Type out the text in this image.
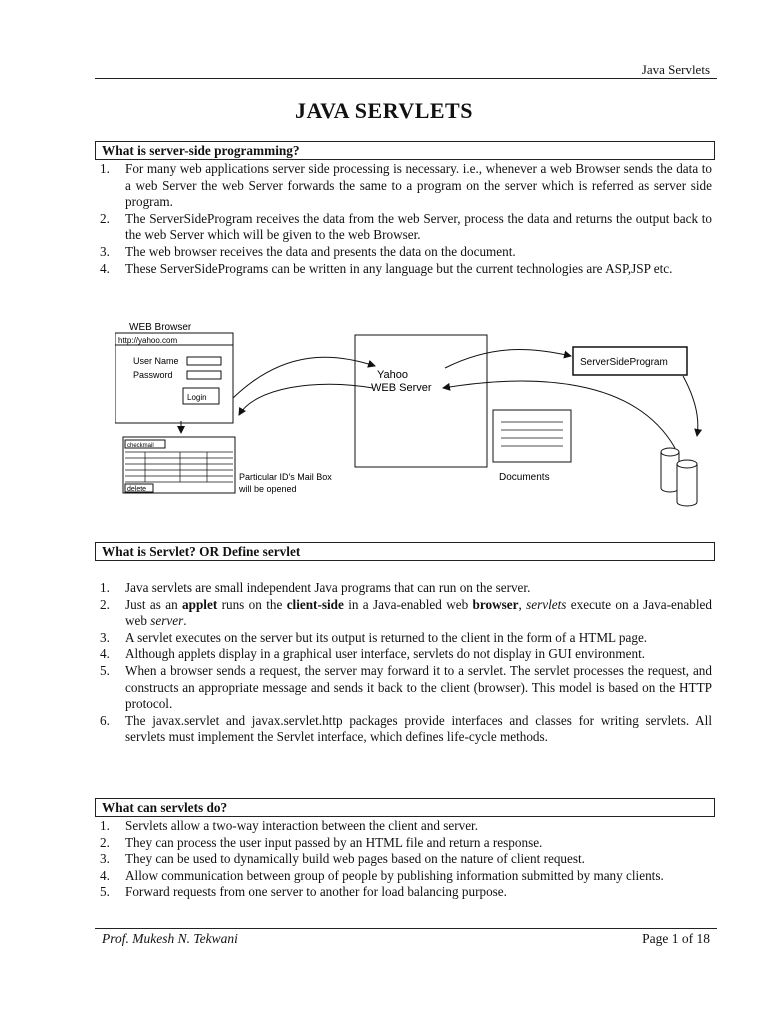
Java Servlets
JAVA SERVLETS
What is server-side programming?
1. For many web applications server side processing is necessary. i.e., whenever a web Browser sends the data to a web Server the web Server forwards the same to a program on the server which is referred as server side program.
2. The ServerSideProgram receives the data from the web Server, process the data and returns the output back to the web Server which will be given to the web Browser.
3. The web browser receives the data and presents the data on the document.
4. These ServerSidePrograms can be written in any language but the current technologies are ASP,JSP etc.
WEB Browser
http://yahoo.com
User Name
Password
Login
checkmail
delete
Particular ID's Mail Box
will be opened
Yahoo
WEB Server
ServerSideProgram
Documents
What is Servlet? OR Define servlet
1. Java servlets are small independent Java programs that can run on the server.
2. Just as an applet runs on the client-side in a Java-enabled web browser, servlets execute on a Java-enabled web server.
3. A servlet executes on the server but its output is returned to the client in the form of a HTML page.
4. Although applets display in a graphical user interface, servlets do not display in GUI environment.
5. When a browser sends a request, the server may forward it to a servlet. The servlet processes the request, and constructs an appropriate message and sends it back to the client (browser). This model is based on the HTTP protocol.
6. The javax.servlet and javax.servlet.http packages provide interfaces and classes for writing servlets. All servlets must implement the Servlet interface, which defines life-cycle methods.
What can servlets do?
1. Servlets allow a two-way interaction between the client and server.
2. They can process the user input passed by an HTML file and return a response.
3. They can be used to dynamically build web pages based on the nature of client request.
4. Allow communication between group of people by publishing information submitted by many clients.
5. Forward requests from one server to another for load balancing purpose.
Prof. Mukesh N. Tekwani	Page 1 of 18
